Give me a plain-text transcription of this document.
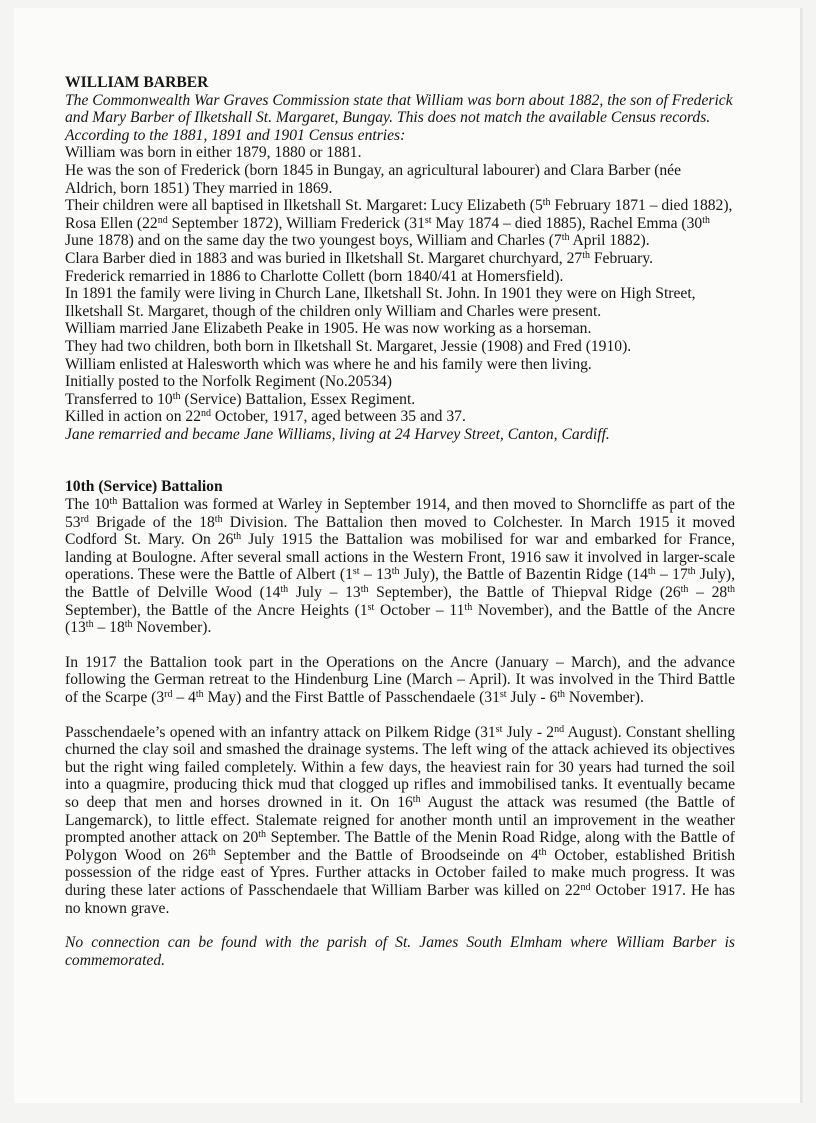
WILLIAM BARBER

The Commonwealth War Graves Commission state that William was born about 1882, the son of Frederick and Mary Barber of Ilketshall St. Margaret, Bungay. This does not match the available Census records. According to the 1881, 1891 and 1901 Census entries:

William was born in either 1879, 1880 or 1881.

He was the son of Frederick (born 1845 in Bungay, an agricultural labourer) and Clara Barber (née Aldrich, born 1851) They married in 1869.

Their children were all baptised in Ilketshall St. Margaret: Lucy Elizabeth (5th February 1871 – died 1882), Rosa Ellen (22nd September 1872), William Frederick (31st May 1874 – died 1885), Rachel Emma (30th June 1878) and on the same day the two youngest boys, William and Charles (7th April 1882).

Clara Barber died in 1883 and was buried in Ilketshall St. Margaret churchyard, 27th February.

Frederick remarried in 1886 to Charlotte Collett (born 1840/41 at Homersfield).

In 1891 the family were living in Church Lane, Ilketshall St. John. In 1901 they were on High Street, Ilketshall St. Margaret, though of the children only William and Charles were present.

William married Jane Elizabeth Peake in 1905. He was now working as a horseman.

They had two children, both born in Ilketshall St. Margaret, Jessie (1908) and Fred (1910).

William enlisted at Halesworth which was where he and his family were then living.

Initially posted to the Norfolk Regiment (No.20534)

Transferred to 10th (Service) Battalion, Essex Regiment.

Killed in action on 22nd October, 1917, aged between 35 and 37.

Jane remarried and became Jane Williams, living at 24 Harvey Street, Canton, Cardiff.

10th (Service) Battalion

The 10th Battalion was formed at Warley in September 1914, and then moved to Shorncliffe as part of the 53rd Brigade of the 18th Division. The Battalion then moved to Colchester. In March 1915 it moved Codford St. Mary. On 26th July 1915 the Battalion was mobilised for war and embarked for France, landing at Boulogne. After several small actions in the Western Front, 1916 saw it involved in larger-scale operations. These were the Battle of Albert (1st – 13th July), the Battle of Bazentin Ridge (14th – 17th July), the Battle of Delville Wood (14th July – 13th September), the Battle of Thiepval Ridge (26th – 28th September), the Battle of the Ancre Heights (1st October – 11th November), and the Battle of the Ancre (13th – 18th November).

In 1917 the Battalion took part in the Operations on the Ancre (January – March), and the advance following the German retreat to the Hindenburg Line (March – April). It was involved in the Third Battle of the Scarpe (3rd – 4th May) and the First Battle of Passchendaele (31st July - 6th November).

Passchendaele’s opened with an infantry attack on Pilkem Ridge (31st July - 2nd August). Constant shelling churned the clay soil and smashed the drainage systems. The left wing of the attack achieved its objectives but the right wing failed completely. Within a few days, the heaviest rain for 30 years had turned the soil into a quagmire, producing thick mud that clogged up rifles and immobilised tanks. It eventually became so deep that men and horses drowned in it. On 16th August the attack was resumed (the Battle of Langemarck), to little effect. Stalemate reigned for another month until an improvement in the weather prompted another attack on 20th September. The Battle of the Menin Road Ridge, along with the Battle of Polygon Wood on 26th September and the Battle of Broodseinde on 4th October, established British possession of the ridge east of Ypres. Further attacks in October failed to make much progress. It was during these later actions of Passchendaele that William Barber was killed on 22nd October 1917. He has no known grave.

No connection can be found with the parish of St. James South Elmham where William Barber is commemorated.
